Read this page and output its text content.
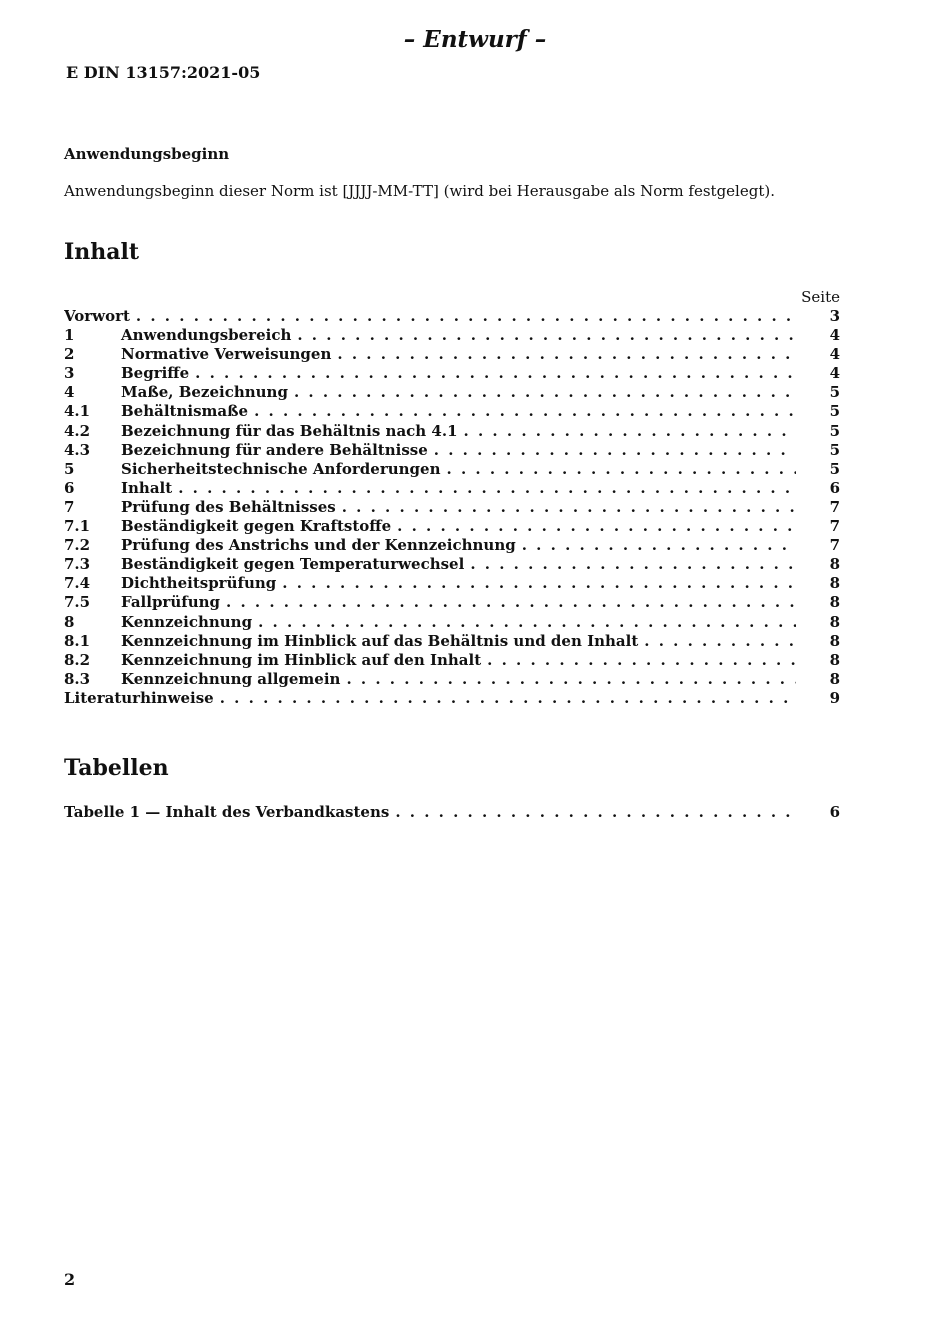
– Entwurf –
E DIN 13157:2021-05
Anwendungsbeginn
Anwendungsbeginn dieser Norm ist [JJJJ-MM-TT] (wird bei Herausgabe als Norm festgelegt).
Inhalt
Seite
Vorwort . . .	3
1	Anwendungsbereich . . .	4
2	Normative Verweisungen . . .	4
3	Begriffe . . .	4
4	Maße, Bezeichnung . . .	5
4.1	Behältnismaße . . .	5
4.2	Bezeichnung für das Behältnis nach 4.1 . . .	5
4.3	Bezeichnung für andere Behältnisse . . .	5
5	Sicherheitstechnische Anforderungen . . .	5
6	Inhalt . . .	6
7	Prüfung des Behältnisses . . .	7
7.1	Beständigkeit gegen Kraftstoffe . . .	7
7.2	Prüfung des Anstrichs und der Kennzeichnung . . .	7
7.3	Beständigkeit gegen Temperaturwechsel . . .	8
7.4	Dichtheitsprüfung . . .	8
7.5	Fallprüfung . . .	8
8	Kennzeichnung . . .	8
8.1	Kennzeichnung im Hinblick auf das Behältnis und den Inhalt . . .	8
8.2	Kennzeichnung im Hinblick auf den Inhalt . . .	8
8.3	Kennzeichnung allgemein . . .	8
Literaturhinweise . . .	9
Tabellen
Tabelle 1 — Inhalt des Verbandkastens . . .	6
2
